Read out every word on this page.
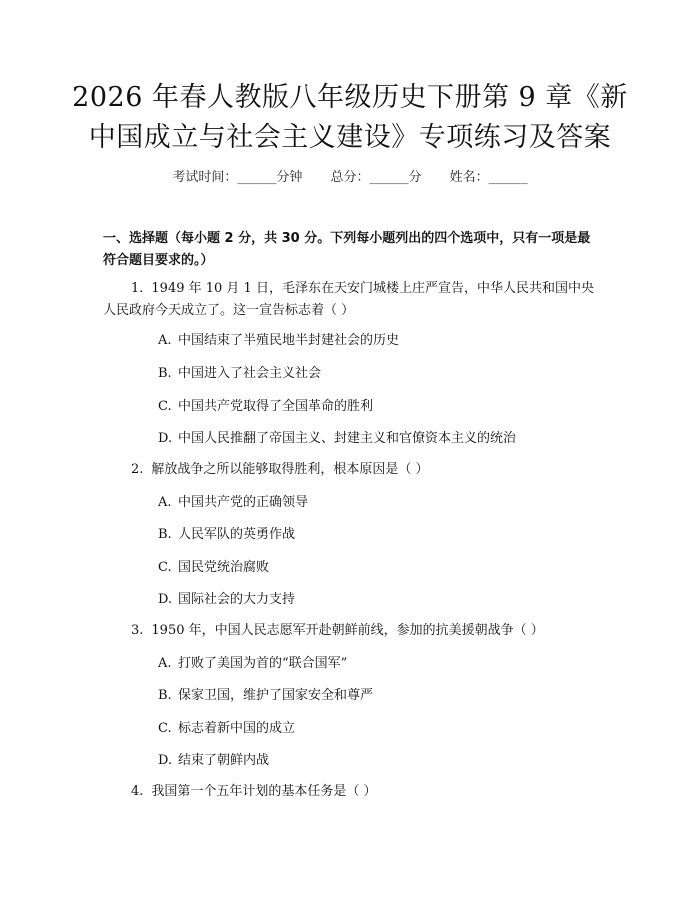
2026 年春人教版八年级历史下册第 9 章《新
中国成立与社会主义建设》专项练习及答案
考试时间：______分钟 总分：______分 姓名：______
一、选择题（每小题 2 分，共 30 分。下列每小题列出的四个选项中，只有一项是最符合题目要求的。）
1. 1949 年 10 月 1 日，毛泽东在天安门城楼上庄严宣告，中华人民共和国中央人民政府今天成立了。这一宣告标志着（ ）
A. 中国结束了半殖民地半封建社会的历史
B. 中国进入了社会主义社会
C. 中国共产党取得了全国革命的胜利
D. 中国人民推翻了帝国主义、封建主义和官僚资本主义的统治
2. 解放战争之所以能够取得胜利，根本原因是（ ）
A. 中国共产党的正确领导
B. 人民军队的英勇作战
C. 国民党统治腐败
D. 国际社会的大力支持
3. 1950 年，中国人民志愿军开赴朝鲜前线，参加的抗美援朝战争（ ）
A. 打败了美国为首的“联合国军”
B. 保家卫国，维护了国家安全和尊严
C. 标志着新中国的成立
D. 结束了朝鲜内战
4. 我国第一个五年计划的基本任务是（ ）
